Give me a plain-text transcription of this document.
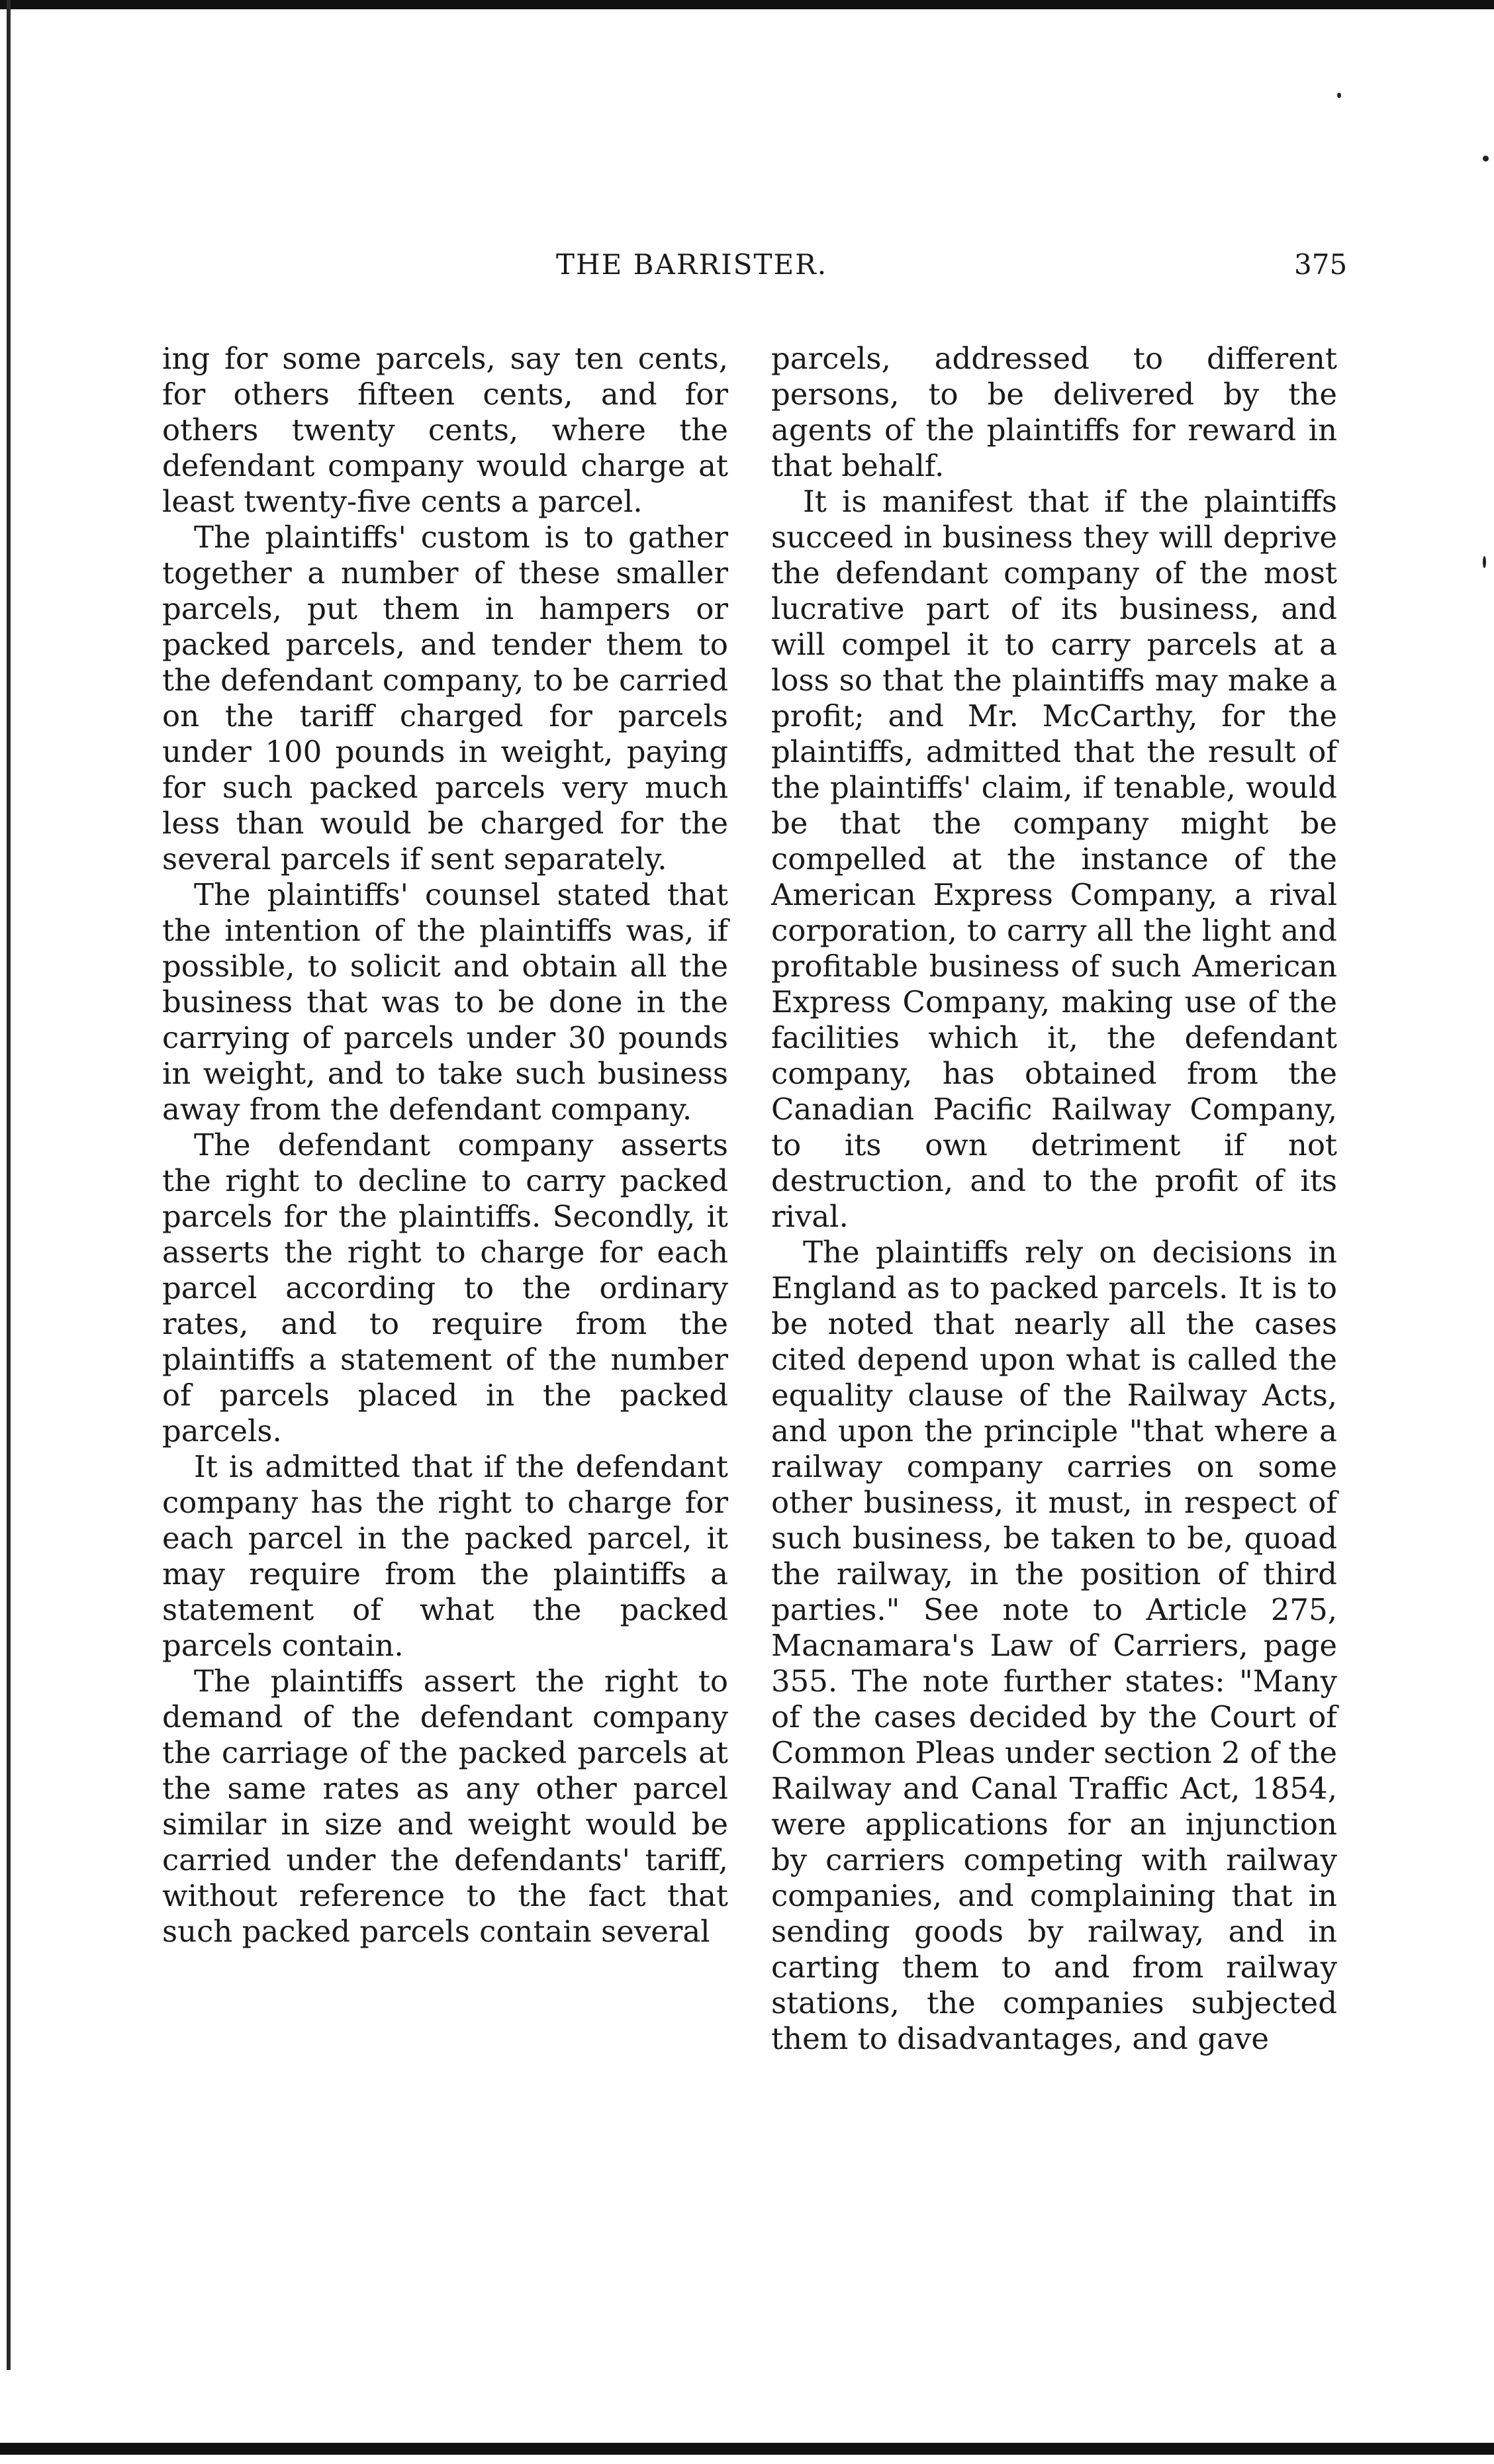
THE BARRISTER.	375

ing for some parcels, say ten cents, for others fifteen cents, and for others twenty cents, where the defendant company would charge at least twenty-five cents a parcel.

The plaintiffs' custom is to gather together a number of these smaller parcels, put them in hampers or packed parcels, and tender them to the defendant company, to be carried on the tariff charged for parcels under 100 pounds in weight, paying for such packed parcels very much less than would be charged for the several parcels if sent separately.

The plaintiffs' counsel stated that the intention of the plaintiffs was, if possible, to solicit and obtain all the business that was to be done in the carrying of parcels under 30 pounds in weight, and to take such business away from the defendant company.

The defendant company asserts the right to decline to carry packed parcels for the plaintiffs. Secondly, it asserts the right to charge for each parcel according to the ordinary rates, and to require from the plaintiffs a statement of the number of parcels placed in the packed parcels.

It is admitted that if the defendant company has the right to charge for each parcel in the packed parcel, it may require from the plaintiffs a statement of what the packed parcels contain.

The plaintiffs assert the right to demand of the defendant company the carriage of the packed parcels at the same rates as any other parcel similar in size and weight would be carried under the defendants' tariff, without reference to the fact that such packed parcels contain several

parcels, addressed to different persons, to be delivered by the agents of the plaintiffs for reward in that behalf.

It is manifest that if the plaintiffs succeed in business they will deprive the defendant company of the most lucrative part of its business, and will compel it to carry parcels at a loss so that the plaintiffs may make a profit; and Mr. McCarthy, for the plaintiffs, admitted that the result of the plaintiffs' claim, if tenable, would be that the company might be compelled at the instance of the American Express Company, a rival corporation, to carry all the light and profitable business of such American Express Company, making use of the facilities which it, the defendant company, has obtained from the Canadian Pacific Railway Company, to its own detriment if not destruction, and to the profit of its rival.

The plaintiffs rely on decisions in England as to packed parcels. It is to be noted that nearly all the cases cited depend upon what is called the equality clause of the Railway Acts, and upon the principle "that where a railway company carries on some other business, it must, in respect of such business, be taken to be, quoad the railway, in the position of third parties." See note to Article 275, Macnamara's Law of Carriers, page 355. The note further states: "Many of the cases decided by the Court of Common Pleas under section 2 of the Railway and Canal Traffic Act, 1854, were applications for an injunction by carriers competing with railway companies, and complaining that in sending goods by railway, and in carting them to and from railway stations, the companies subjected them to disadvantages, and gave
